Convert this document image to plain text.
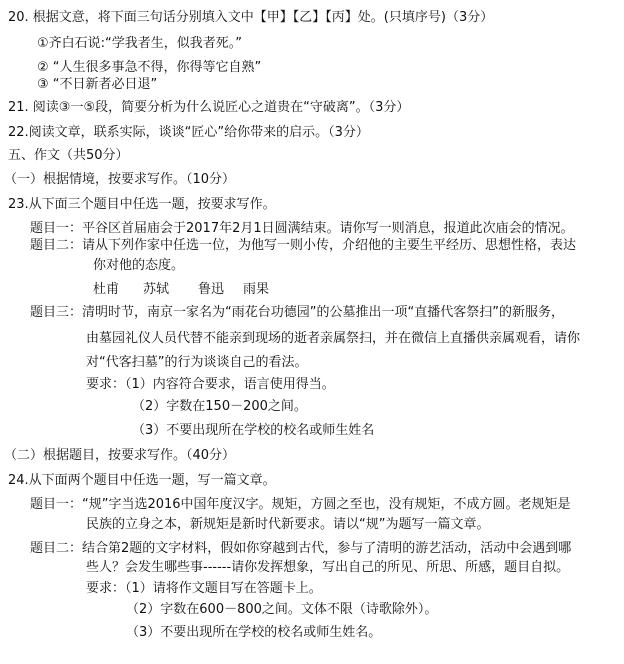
20. 根据文意，将下面三句话分别填入文中【甲】【乙】【丙】处。(只填序号)（3分）
①齐白石说:“学我者生，似我者死。”
② “人生很多事急不得，你得等它自熟”
③ “不日新者必日退”
21. 阅读③一⑤段，简要分析为什么说匠心之道贵在“守破离”。（3分）
22.阅读文章，联系实际，谈谈“匠心”给你带来的启示。（3分）
五、作文（共50分）
（一）根据情境，按要求写作。（10分）
23.从下面三个题目中任选一题，按要求写作。
题目一：平谷区首届庙会于2017年2月1日圆满结束。请你写一则消息，报道此次庙会的情况。
题目二：请从下列作家中任选一位，为他写一则小传，介绍他的主要生平经历、思想性格，表达
你对他的态度。
杜甫 苏轼 鲁迅 雨果
题目三：清明时节，南京一家名为“雨花台功德园”的公墓推出一项“直播代客祭扫”的新服务，
由墓园礼仪人员代替不能亲到现场的逝者亲属祭扫，并在微信上直播供亲属观看，请你
对“代客扫墓”的行为谈谈自己的看法。
要求：（1）内容符合要求，语言使用得当。
（2）字数在150－200之间。
（3）不要出现所在学校的校名或师生姓名
（二）根据题目，按要求写作。（40分）
24.从下面两个题目中任选一题，写一篇文章。
题目一：“规”字当选2016中国年度汉字。规矩，方圆之至也，没有规矩，不成方圆。老规矩是
民族的立身之本，新规矩是新时代新要求。请以“规”为题写一篇文章。
题目二：结合第2题的文字材料，假如你穿越到古代，参与了清明的游艺活动，活动中会遇到哪
些人？会发生哪些事------请你发挥想象，写出自己的所见、所思、所感，题目自拟。
要求：（1）请将作文题目写在答题卡上。
（2）字数在600－800之间。文体不限（诗歌除外）。
（3）不要出现所在学校的校名或师生姓名。
